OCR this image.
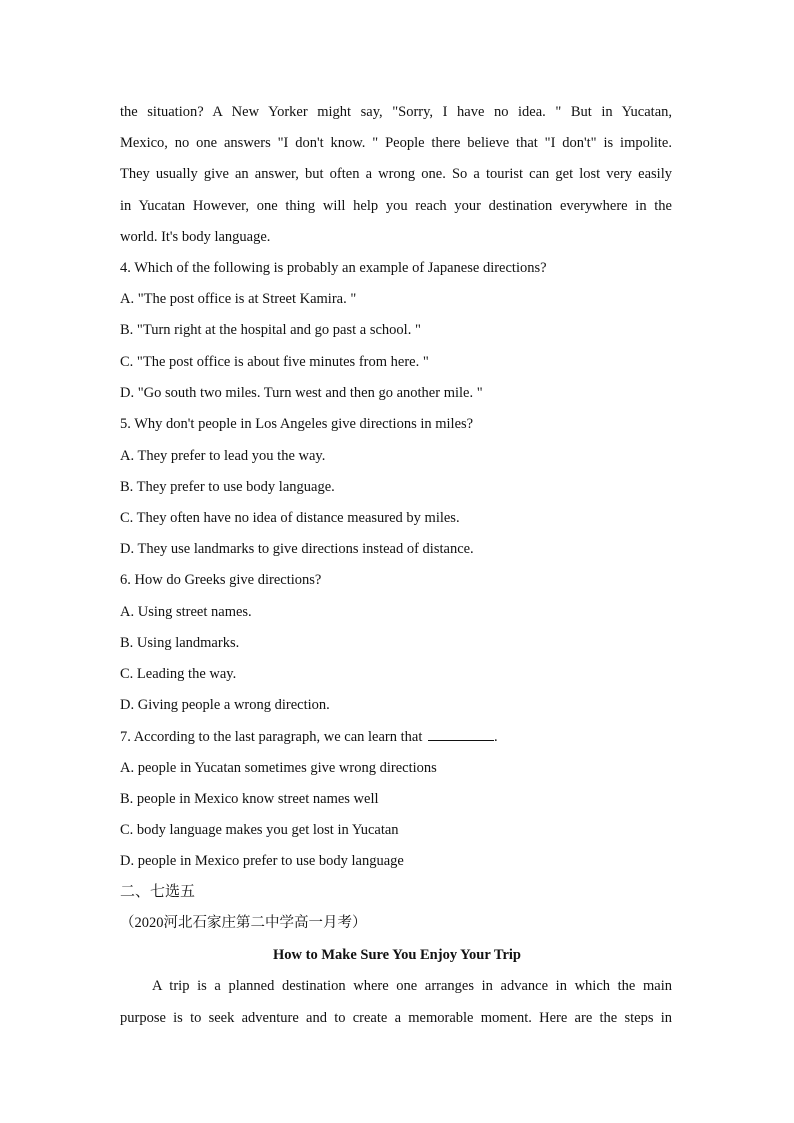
the situation? A New Yorker might say, "Sorry, I have no idea. " But in Yucatan,
Mexico, no one answers "I don't know. " People there believe that "I don't" is impolite.
They usually give an answer, but often a wrong one. So a tourist can get lost very easily
in Yucatan However, one thing will help you reach your destination everywhere in the
world. It's body language.
4. Which of the following is probably an example of Japanese directions?
A. "The post office is at Street Kamira. "
B. "Turn right at the hospital and go past a school. "
C. "The post office is about five minutes from here. "
D. "Go south two miles. Turn west and then go another mile. "
5. Why don't people in Los Angeles give directions in miles?
A. They prefer to lead you the way.
B. They prefer to use body language.
C. They often have no idea of distance measured by miles.
D. They use landmarks to give directions instead of distance.
6. How do Greeks give directions?
A. Using street names.
B. Using landmarks.
C. Leading the way.
D. Giving people a wrong direction.
7. According to the last paragraph, we can learn that	.
A. people in Yucatan sometimes give wrong directions
B. people in Mexico know street names well
C. body language makes you get lost in Yucatan
D. people in Mexico prefer to use body language
二、七选五
（2020河北石家庄第二中学高一月考）
How to Make Sure You Enjoy Your Trip
A trip is a planned destination where one arranges in advance in which the main
purpose is to seek adventure and to create a memorable moment. Here are the steps in
